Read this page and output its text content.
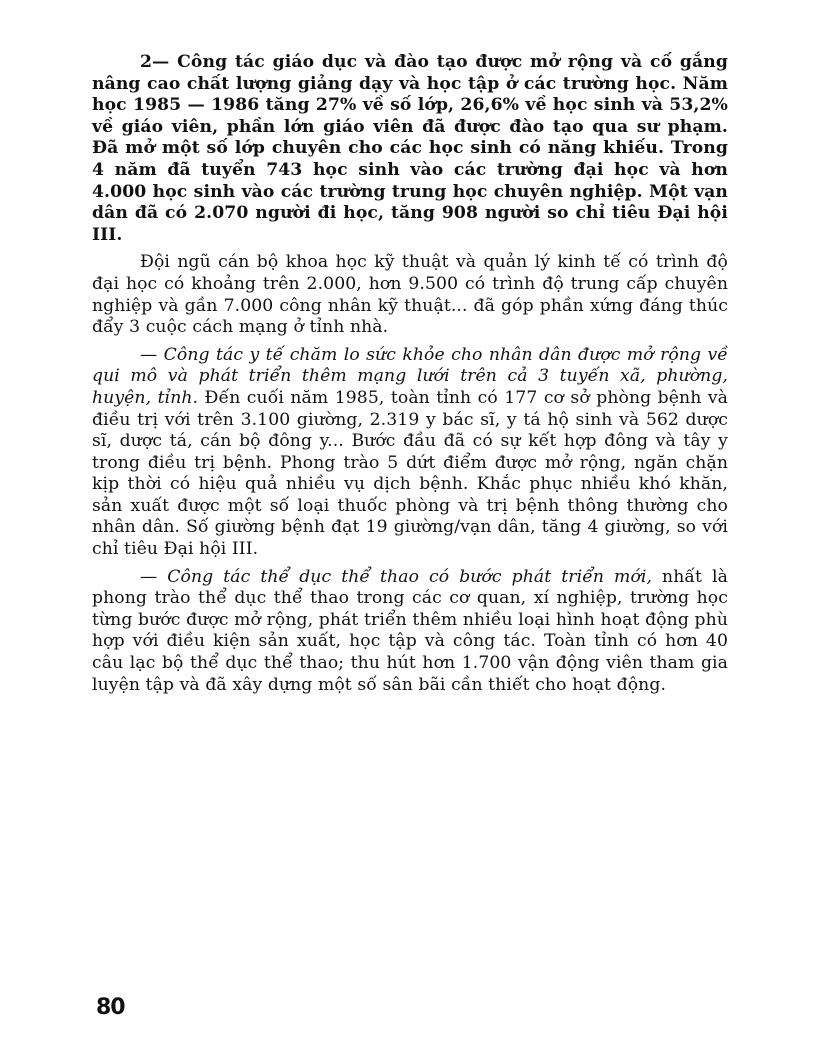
2— Công tác giáo dục và đào tạo được mở rộng và cố gắng nâng cao chất lượng giảng dạy và học tập ở các trường học. Năm học 1985 — 1986 tăng 27% về số lớp, 26,6% về học sinh và 53,2% về giáo viên, phần lớn giáo viên đã được đào tạo qua sư phạm. Đã mở một số lớp chuyên cho các học sinh có năng khiếu. Trong 4 năm đã tuyển 743 học sinh vào các trường đại học và hơn 4.000 học sinh vào các trường trung học chuyên nghiệp. Một vạn dân đã có 2.070 người đi học, tăng 908 người so chỉ tiêu Đại hội III.

Đội ngũ cán bộ khoa học kỹ thuật và quản lý kinh tế có trình độ đại học có khoảng trên 2.000, hơn 9.500 có trình độ trung cấp chuyên nghiệp và gần 7.000 công nhân kỹ thuật... đã góp phần xứng đáng thúc đẩy 3 cuộc cách mạng ở tỉnh nhà.

— Công tác y tế chăm lo sức khỏe cho nhân dân được mở rộng về qui mô và phát triển thêm mạng lưới trên cả 3 tuyến xã, phường, huyện, tỉnh. Đến cuối năm 1985, toàn tỉnh có 177 cơ sở phòng bệnh và điều trị với trên 3.100 giường, 2.319 y bác sĩ, y tá hộ sinh và 562 dược sĩ, dược tá, cán bộ đông y... Bước đầu đã có sự kết hợp đông và tây y trong điều trị bệnh. Phong trào 5 dứt điểm được mở rộng, ngăn chặn kịp thời có hiệu quả nhiều vụ dịch bệnh. Khắc phục nhiều khó khăn, sản xuất được một số loại thuốc phòng và trị bệnh thông thường cho nhân dân. Số giường bệnh đạt 19 giường/vạn dân, tăng 4 giường, so với chỉ tiêu Đại hội III.

— Công tác thể dục thể thao có bước phát triển mới, nhất là phong trào thể dục thể thao trong các cơ quan, xí nghiệp, trường học từng bước được mở rộng, phát triển thêm nhiều loại hình hoạt động phù hợp với điều kiện sản xuất, học tập và công tác. Toàn tỉnh có hơn 40 câu lạc bộ thể dục thể thao; thu hút hơn 1.700 vận động viên tham gia luyện tập và đã xây dựng một số sân bãi cần thiết cho hoạt động.

80
